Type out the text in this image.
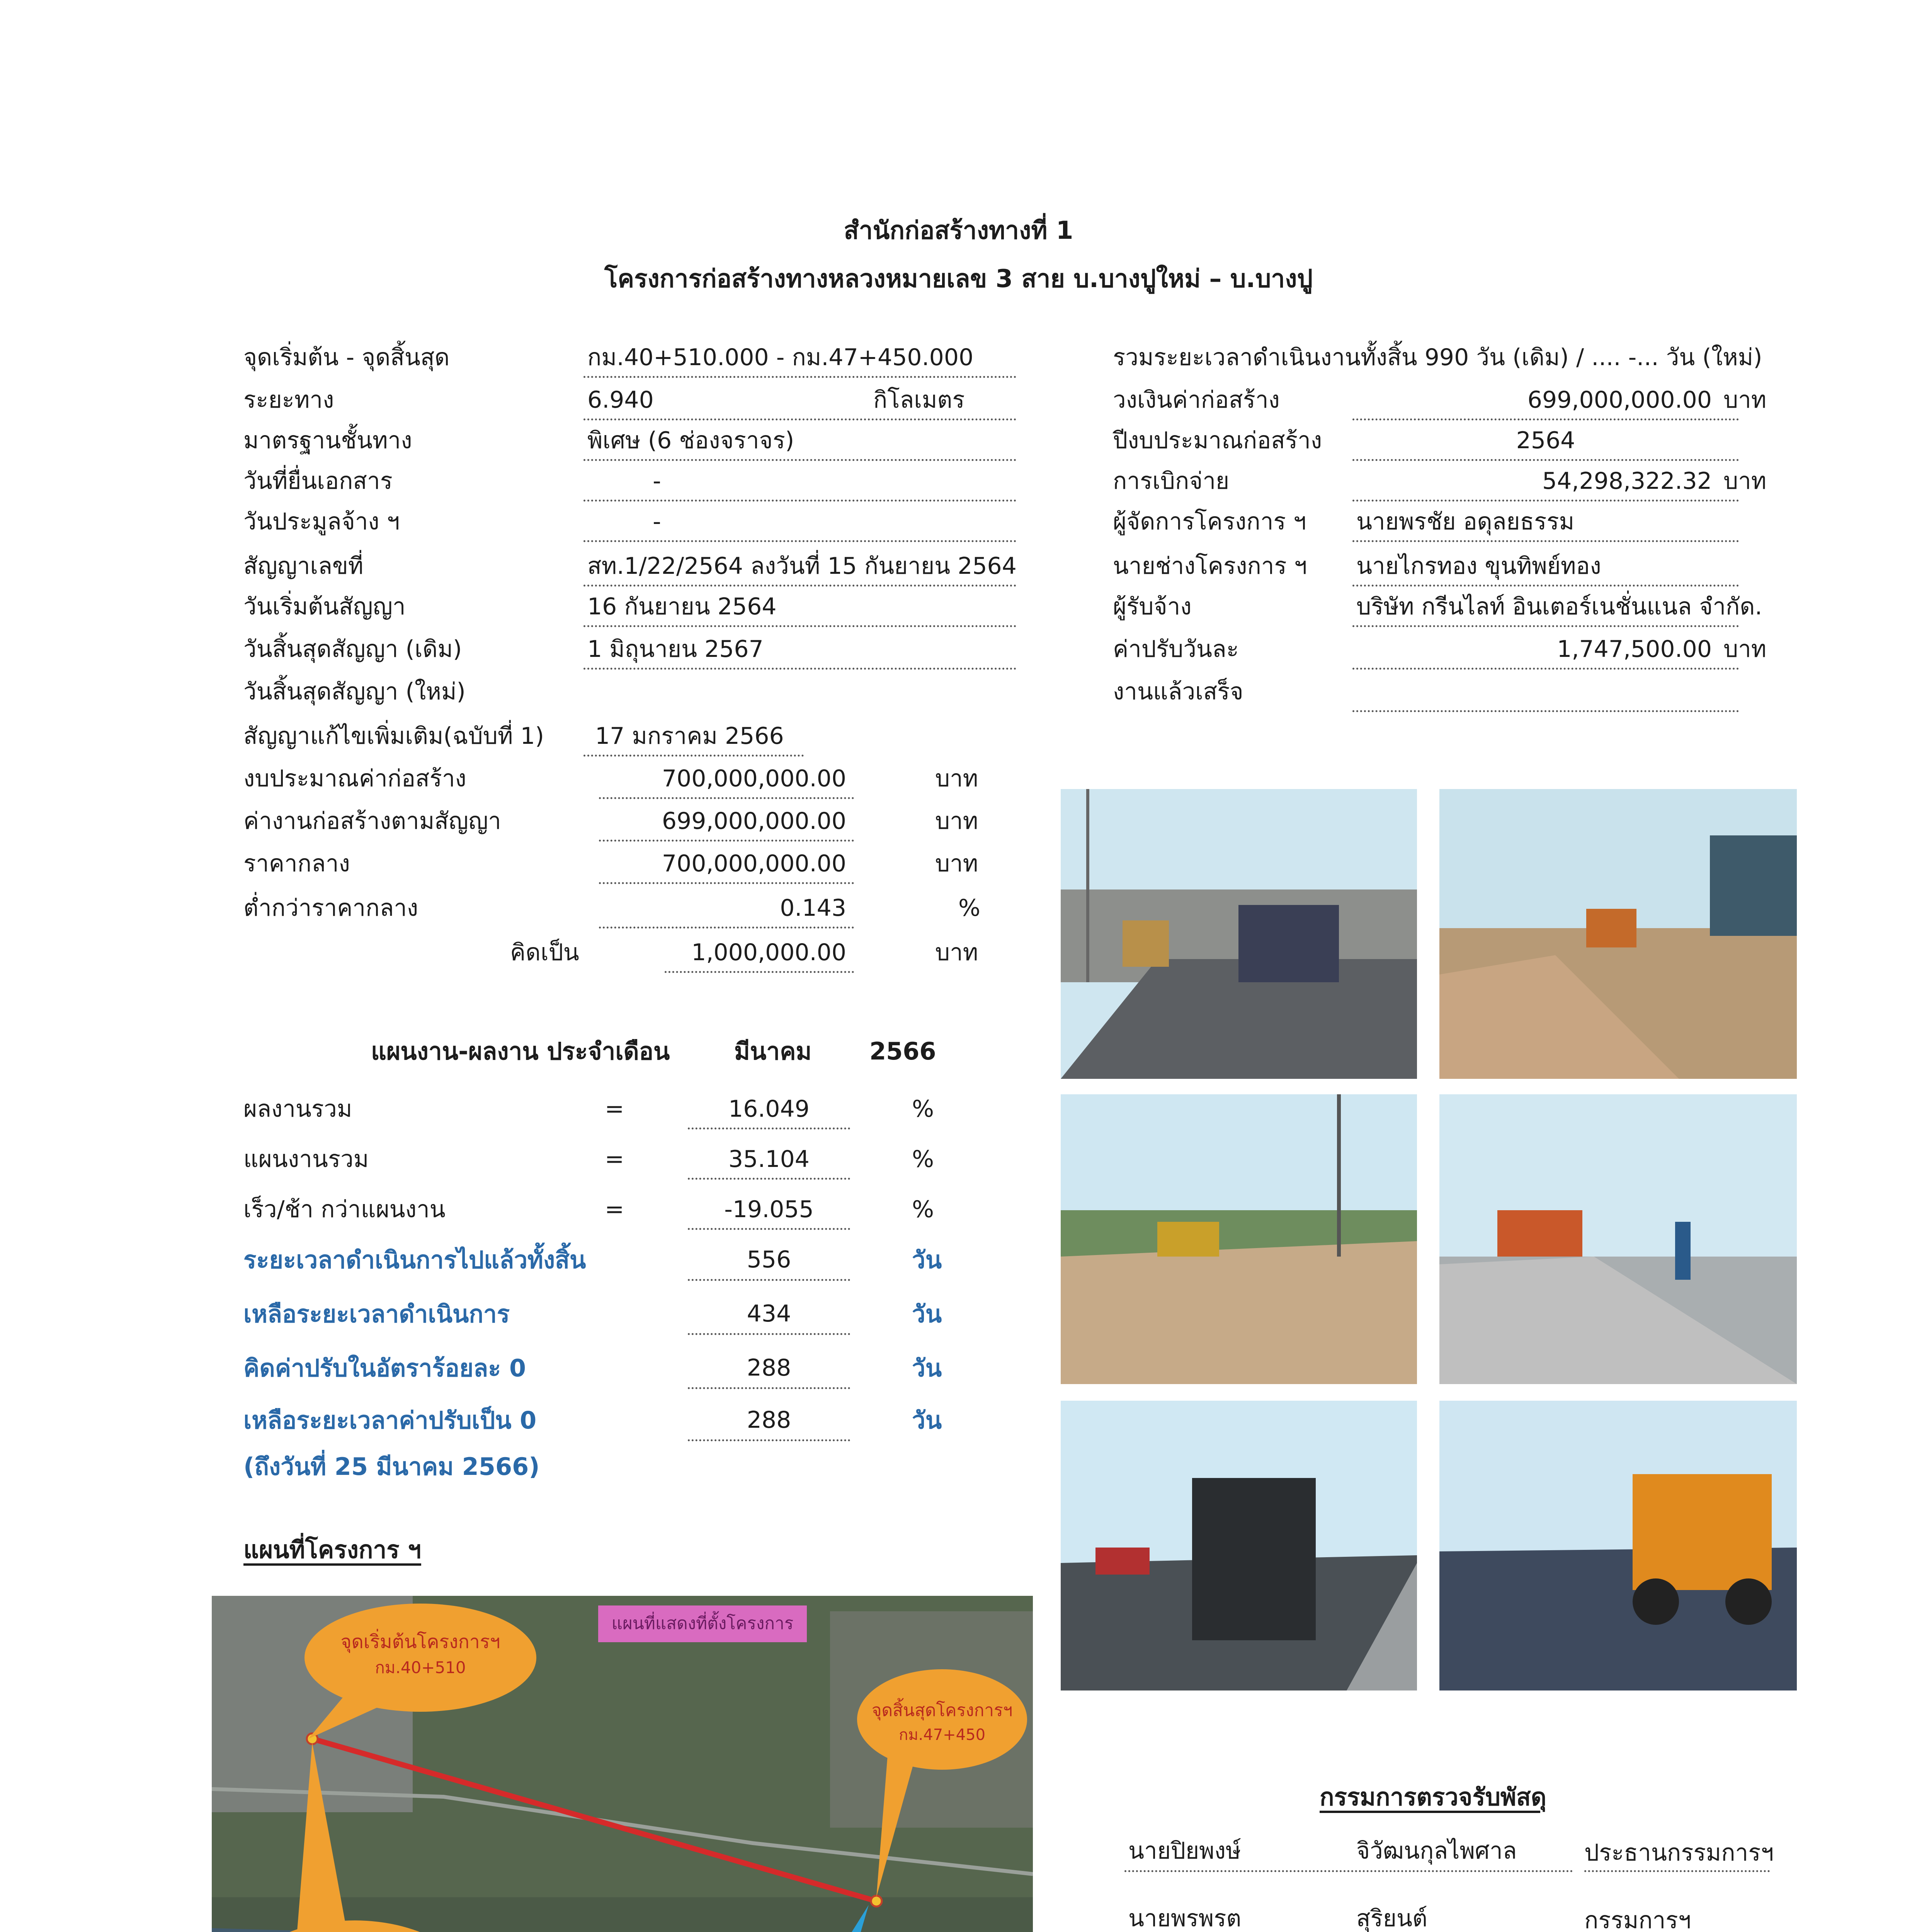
สำนักก่อสร้างทางที่ 1
โครงการก่อสร้างทางหลวงหมายเลข 3 สาย บ.บางปูใหม่ – บ.บางปู
จุดเริ่มต้น - จุดสิ้นสุด	กม.40+510.000 - กม.47+450.000
ระยะทาง	6.940	กิโลเมตร
มาตรฐานชั้นทาง	พิเศษ (6 ช่องจราจร)
วันที่ยื่นเอกสาร	-
วันประมูลจ้าง ฯ	-
สัญญาเลขที่	สท.1/22/2564 ลงวันที่ 15 กันยายน 2564
วันเริ่มต้นสัญญา	16 กันยายน 2564
วันสิ้นสุดสัญญา (เดิม)	1 มิถุนายน 2567
วันสิ้นสุดสัญญา (ใหม่)
สัญญาแก้ไขเพิ่มเติม(ฉบับที่ 1) 17 มกราคม 2566
งบประมาณค่าก่อสร้าง	700,000,000.00	บาท
ค่างานก่อสร้างตามสัญญา	699,000,000.00	บาท
ราคากลาง	700,000,000.00	บาท
ต่ำกว่าราคากลาง	0.143	%
คิดเป็น	1,000,000.00	บาท
รวมระยะเวลาดำเนินงานทั้งสิ้น 990 วัน (เดิม) / .... -... วัน (ใหม่)
วงเงินค่าก่อสร้าง	699,000,000.00 บาท
ปีงบประมาณก่อสร้าง	2564
การเบิกจ่าย	54,298,322.32 บาท
ผู้จัดการโครงการ ฯ นายพรชัย อดุลยธรรม
นายช่างโครงการ ฯ นายไกรทอง ขุนทิพย์ทอง
ผู้รับจ้าง	บริษัท กรีนไลท์ อินเตอร์เนชั่นแนล จำกัด.
ค่าปรับวันละ	1,747,500.00 บาท
งานแล้วเสร็จ
แผนงาน-ผลงาน ประจำเดือน	มีนาคม 2566
ผลงานรวม	=	16.049	%
แผนงานรวม	=	35.104	%
เร็ว/ช้า กว่าแผนงาน	=	-19.055	%
ระยะเวลาดำเนินการไปแล้วทั้งสิ้น	556	วัน
เหลือระยะเวลาดำเนินการ	434	วัน
คิดค่าปรับในอัตราร้อยละ 0	288	วัน
เหลือระยะเวลาค่าปรับเป็น 0	288	วัน
(ถึงวันที่ 25 มีนาคม 2566)
แผนที่โครงการ ฯ
แผนที่แสดงที่ตั้งโครงการ
จุดเริ่มต้นโครงการฯ
กม.40+510
จุดสิ้นสุดโครงการฯ
กม.47+450
กรรมการตรวจรับพัสดุ
นายปิยพงษ์	จิวัฒนกุลไพศาล	ประธานกรรมการฯ
นายพรพรต	สุริยนต์	กรรมการฯ
